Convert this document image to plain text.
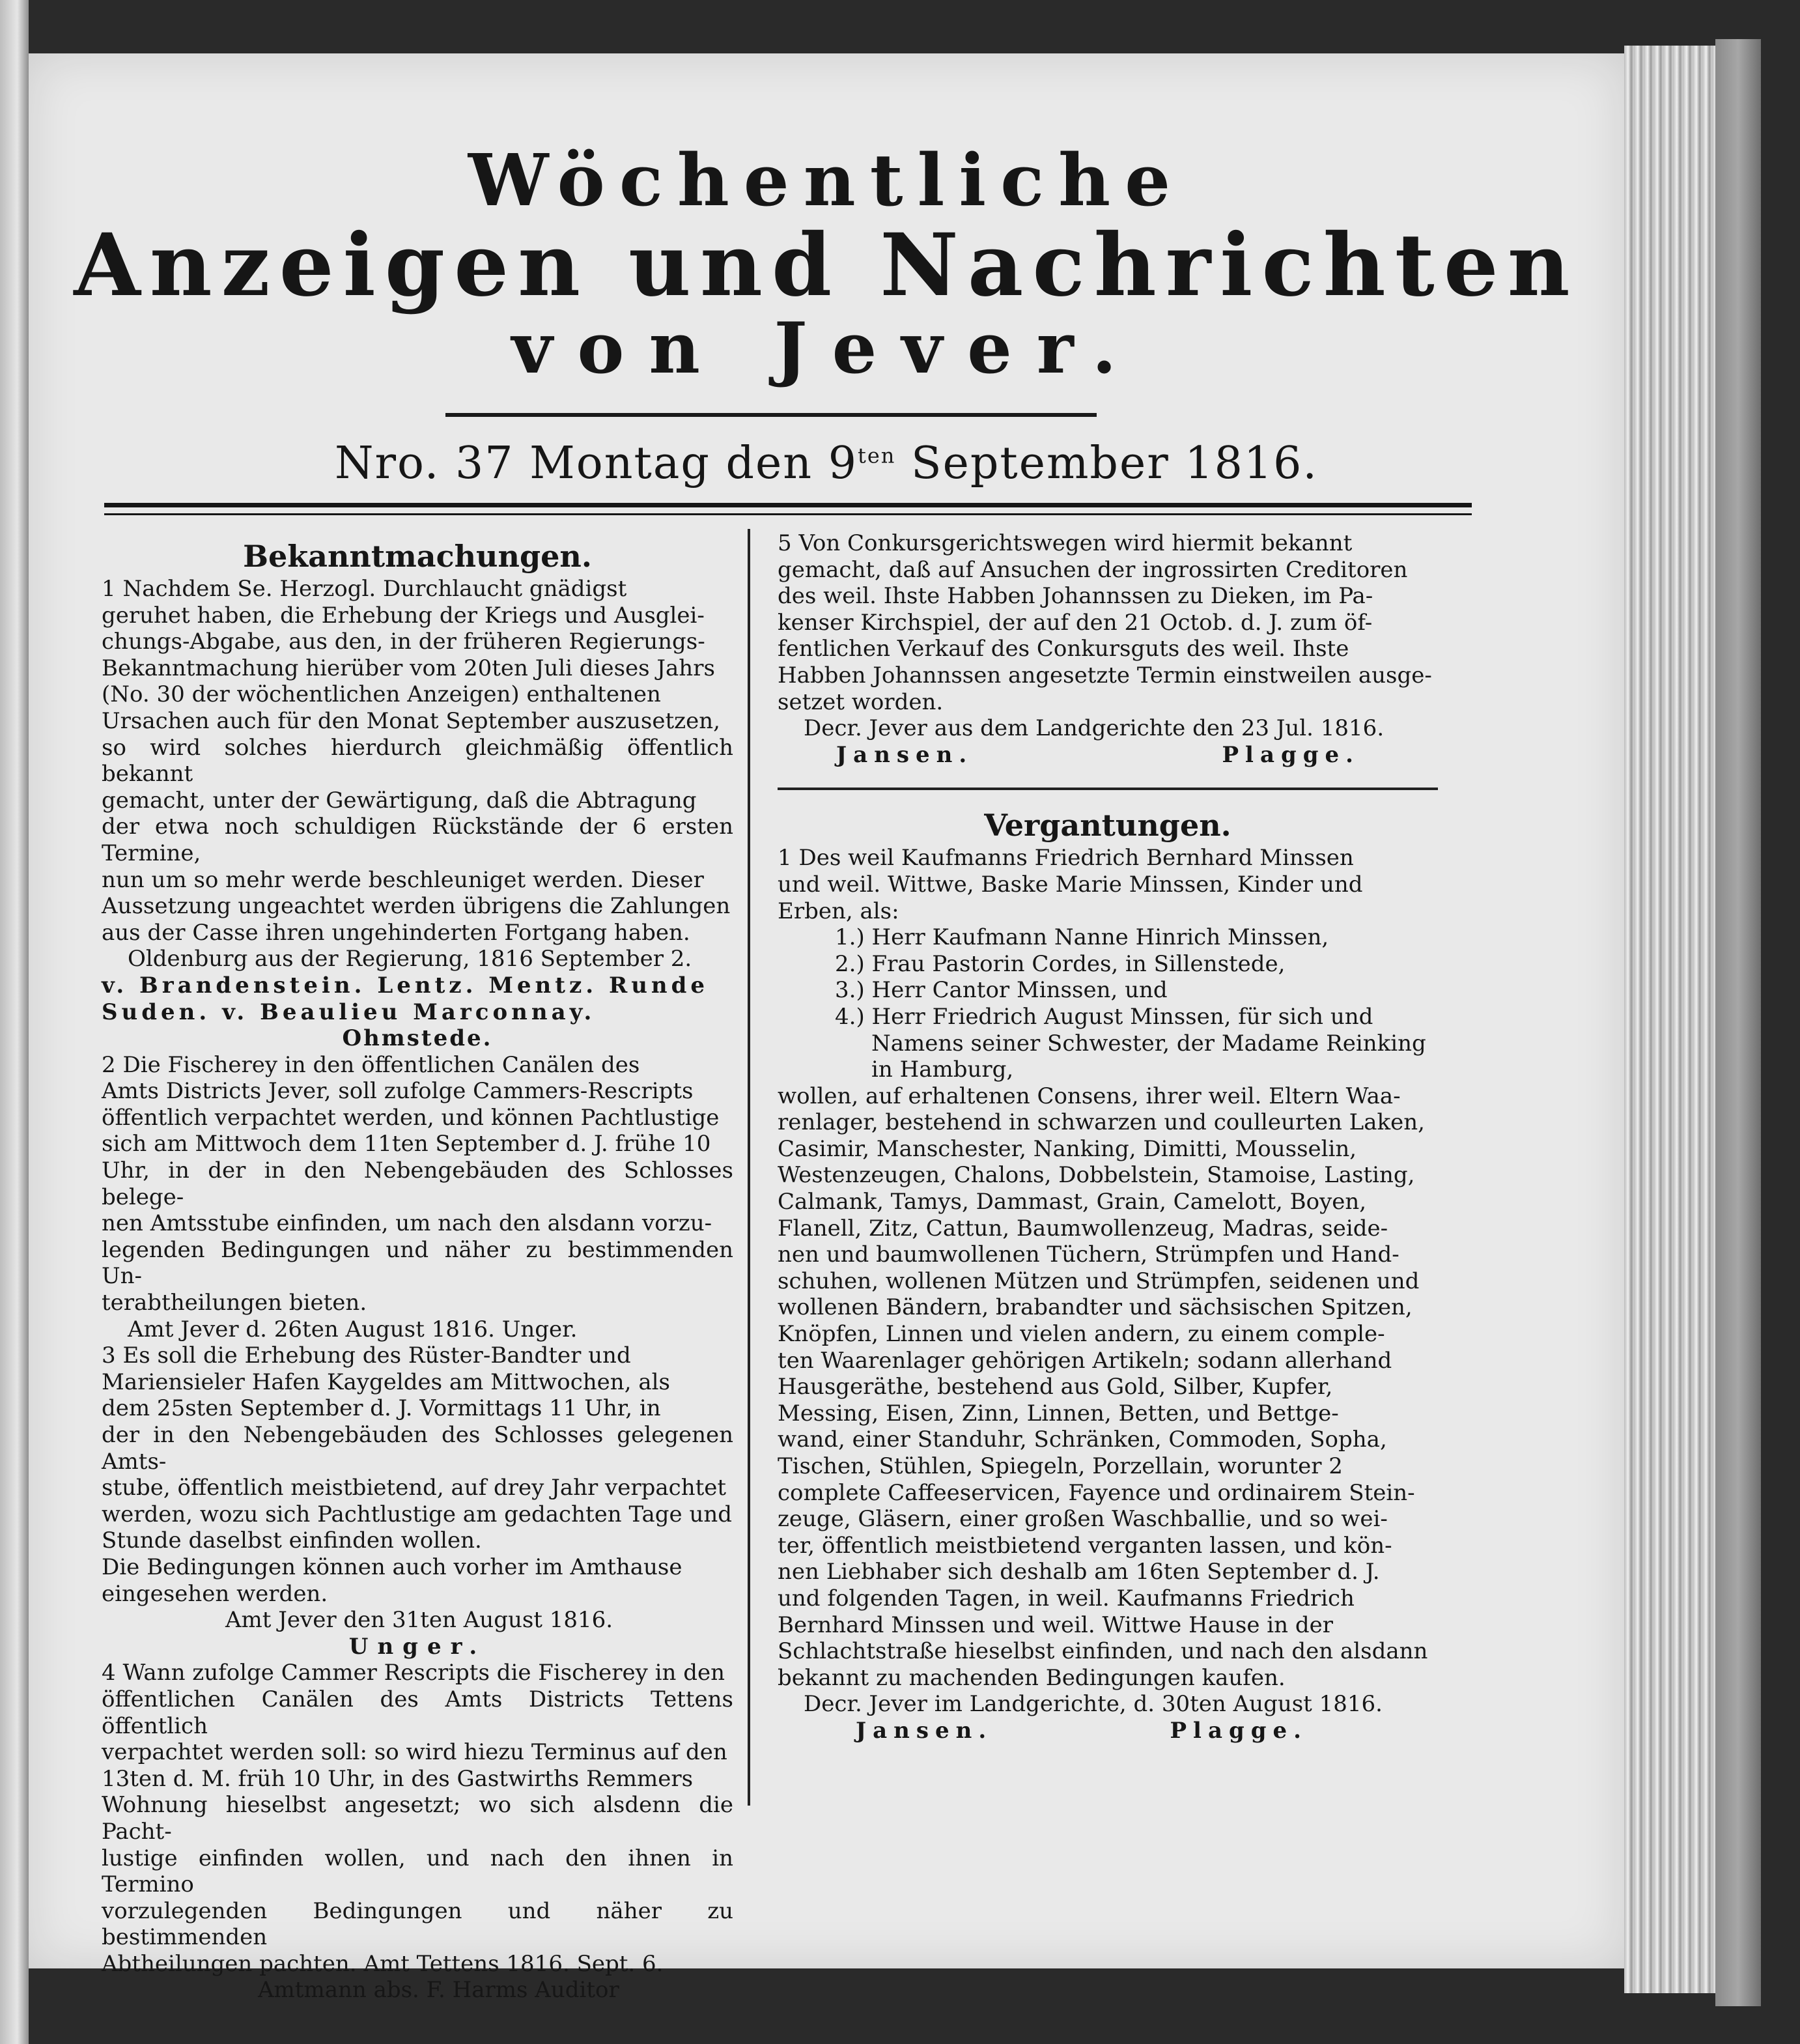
Wöchentliche
Anzeigen und Nachrichten
von Jever.
Nro. 37 Montag den $9^{ten}$ September 1816.

Bekanntmachungen.

1 Nachdem Se. Herzogl. Durchlaucht gnädigst

geruhet haben, die Erhebung der Kriegs und Ausglei-

chungs-Abgabe, aus den, in der früheren Regierungs-

Bekanntmachung hierüber vom 20ten Juli dieses Jahrs

(No. 30 der wöchentlichen Anzeigen) enthaltenen

Ursachen auch für den Monat September auszusetzen,

so wird solches hierdurch gleichmäßig öffentlich bekannt

gemacht, unter der Gewärtigung, daß die Abtragung

der etwa noch schuldigen Rückstände der 6 ersten Termine,

nun um so mehr werde beschleuniget werden. Dieser

Aussetzung ungeachtet werden übrigens die Zahlungen

aus der Casse ihren ungehinderten Fortgang haben.

Oldenburg aus der Regierung, 1816 September 2.

v. Brandenstein. Lentz. Mentz. Runde

Suden. v. Beaulieu Marconnay.

Ohmstede.

2 Die Fischerey in den öffentlichen Canälen des

Amts Districts Jever, soll zufolge Cammers-Rescripts

öffentlich verpachtet werden, und können Pachtlustige

sich am Mittwoch dem 11ten September d. J. frühe 10

Uhr, in der in den Nebengebäuden des Schlosses belege-

nen Amtsstube einfinden, um nach den alsdann vorzu-

legenden Bedingungen und näher zu bestimmenden Un-

terabtheilungen bieten.

Amt Jever d. 26ten August 1816. Unger.

3 Es soll die Erhebung des Rüster-Bandter und

Mariensieler Hafen Kaygeldes am Mittwochen, als

dem 25sten September d. J. Vormittags 11 Uhr, in

der in den Nebengebäuden des Schlosses gelegenen Amts-

stube, öffentlich meistbietend, auf drey Jahr verpachtet

werden, wozu sich Pachtlustige am gedachten Tage und

Stunde daselbst einfinden wollen.

Die Bedingungen können auch vorher im Amthause

eingesehen werden.

Amt Jever den 31ten August 1816.

Unger.

4 Wann zufolge Cammer Rescripts die Fischerey in den

öffentlichen Canälen des Amts Districts Tettens öffentlich

verpachtet werden soll: so wird hiezu Terminus auf den

13ten d. M. früh 10 Uhr, in des Gastwirths Remmers

Wohnung hieselbst angesetzt; wo sich alsdenn die Pacht-

lustige einfinden wollen, und nach den ihnen in Termino

vorzulegenden Bedingungen und näher zu bestimmenden

Abtheilungen pachten. Amt Tettens 1816. Sept. 6.

Amtmann abs. F. Harms Auditor

5 Von Conkursgerichtswegen wird hiermit bekannt

gemacht, daß auf Ansuchen der ingrossirten Creditoren

des weil. Ihste Habben Johannssen zu Dieken, im Pa-

kenser Kirchspiel, der auf den 21 Octob. d. J. zum öf-

fentlichen Verkauf des Conkursguts des weil. Ihste

Habben Johannssen angesetzte Termin einstweilen ausge-

setzet worden.

Decr. Jever aus dem Landgerichte den 23 Jul. 1816.

Jansen.	Plagge.

Vergantungen.

1 Des weil Kaufmanns Friedrich Bernhard Minssen

und weil. Wittwe, Baske Marie Minssen, Kinder und

Erben, als:

1.) Herr Kaufmann Nanne Hinrich Minssen,

2.) Frau Pastorin Cordes, in Sillenstede,

3.) Herr Cantor Minssen, und

4.) Herr Friedrich August Minssen, für sich und

Namens seiner Schwester, der Madame Reinking

in Hamburg,

wollen, auf erhaltenen Consens, ihrer weil. Eltern Waa-

renlager, bestehend in schwarzen und coulleurten Laken,

Casimir, Manschester, Nanking, Dimitti, Mousselin,

Westenzeugen, Chalons, Dobbelstein, Stamoise, Lasting,

Calmank, Tamys, Dammast, Grain, Camelott, Boyen,

Flanell, Zitz, Cattun, Baumwollenzeug, Madras, seide-

nen und baumwollenen Tüchern, Strümpfen und Hand-

schuhen, wollenen Mützen und Strümpfen, seidenen und

wollenen Bändern, brabandter und sächsischen Spitzen,

Knöpfen, Linnen und vielen andern, zu einem comple-

ten Waarenlager gehörigen Artikeln; sodann allerhand

Hausgeräthe, bestehend aus Gold, Silber, Kupfer,

Messing, Eisen, Zinn, Linnen, Betten, und Bettge-

wand, einer Standuhr, Schränken, Commoden, Sopha,

Tischen, Stühlen, Spiegeln, Porzellain, worunter 2

complete Caffeeservicen, Fayence und ordinairem Stein-

zeuge, Gläsern, einer großen Waschballie, und so wei-

ter, öffentlich meistbietend verganten lassen, und kön-

nen Liebhaber sich deshalb am 16ten September d. J.

und folgenden Tagen, in weil. Kaufmanns Friedrich

Bernhard Minssen und weil. Wittwe Hause in der

Schlachtstraße hieselbst einfinden, und nach den alsdann

bekannt zu machenden Bedingungen kaufen.

Decr. Jever im Landgerichte, d. 30ten August 1816.

Jansen.	Plagge.
